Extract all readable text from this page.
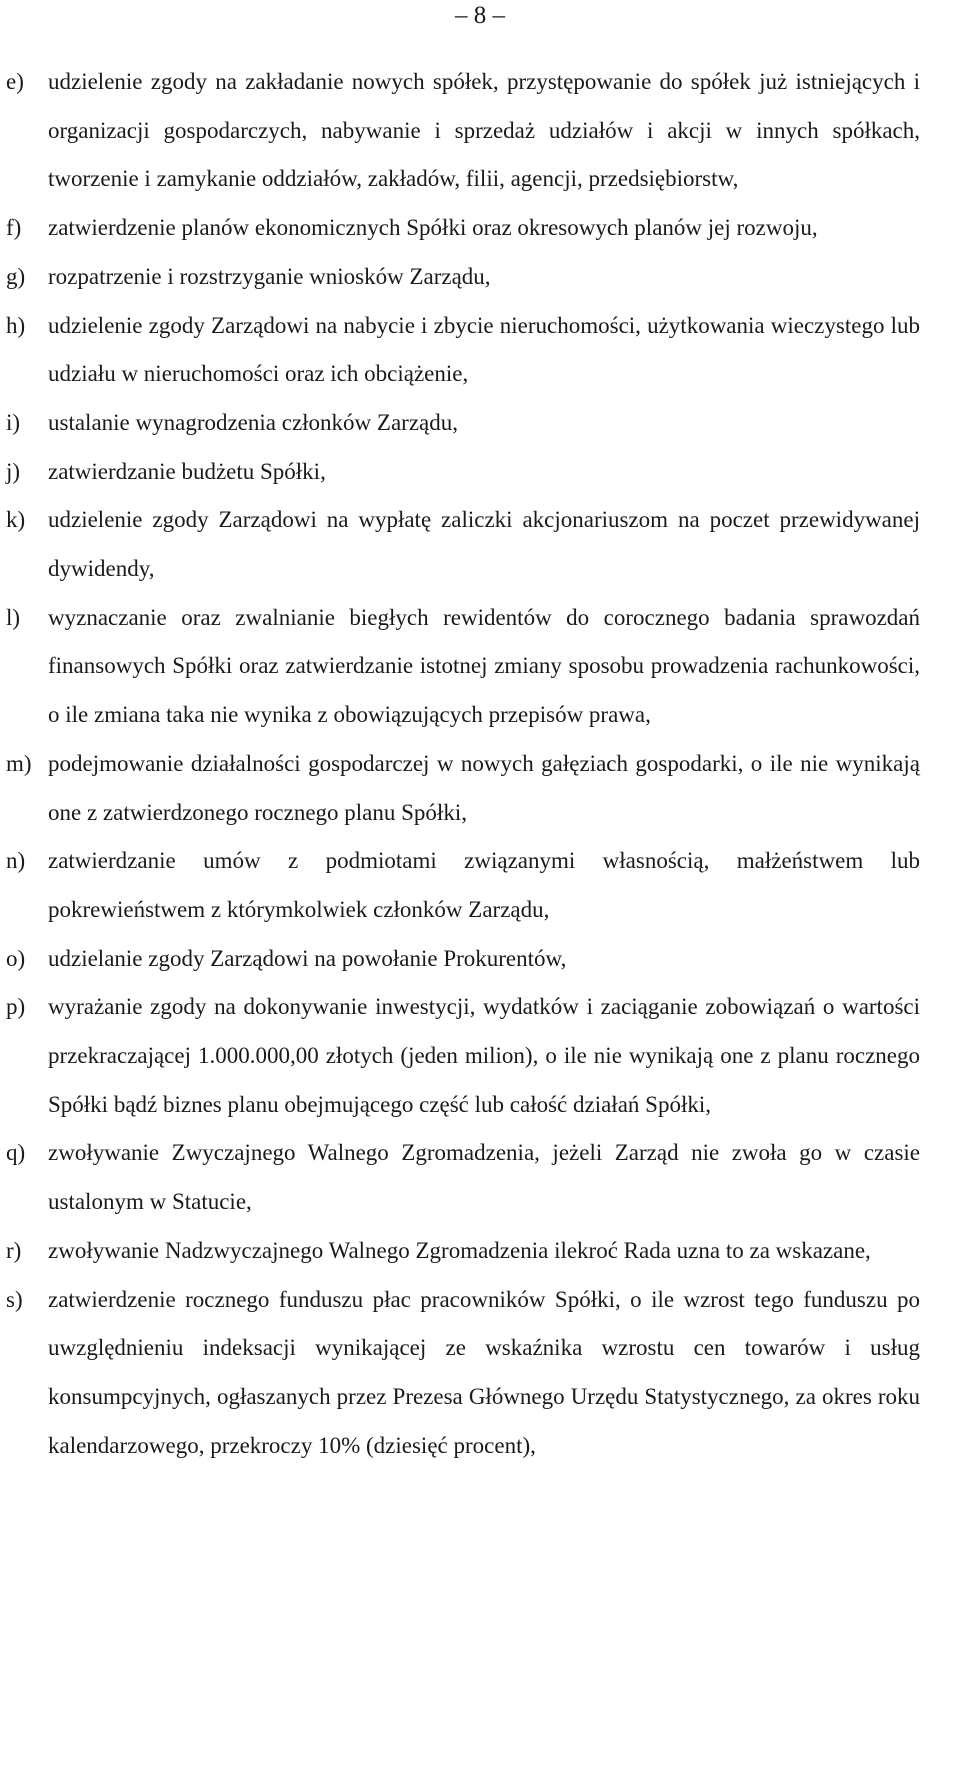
– 8 –
e) udzielenie zgody na zakładanie nowych spółek, przystępowanie do spółek już istniejących i organizacji gospodarczych, nabywanie i sprzedaż udziałów i akcji w innych spółkach, tworzenie i zamykanie oddziałów, zakładów, filii, agencji, przedsiębiorstw,

f) zatwierdzenie planów ekonomicznych Spółki oraz okresowych planów jej rozwoju,

g) rozpatrzenie i rozstrzyganie wniosków Zarządu,

h) udzielenie zgody Zarządowi na nabycie i zbycie nieruchomości, użytkowania wieczystego lub udziału w nieruchomości oraz ich obciążenie,

i) ustalanie wynagrodzenia członków Zarządu,

j) zatwierdzanie budżetu Spółki,

k) udzielenie zgody Zarządowi na wypłatę zaliczki akcjonariuszom na poczet przewidywanej dywidendy,

l) wyznaczanie oraz zwalnianie biegłych rewidentów do corocznego badania sprawozdań finansowych Spółki oraz zatwierdzanie istotnej zmiany sposobu prowadzenia rachunkowości, o ile zmiana taka nie wynika z obowiązujących przepisów prawa,

m) podejmowanie działalności gospodarczej w nowych gałęziach gospodarki, o ile nie wynikają one z zatwierdzonego rocznego planu Spółki,

n) zatwierdzanie umów z podmiotami związanymi własnością, małżeństwem lub pokrewieństwem z którymkolwiek członków Zarządu,

o) udzielanie zgody Zarządowi na powołanie Prokurentów,

p) wyrażanie zgody na dokonywanie inwestycji, wydatków i zaciąganie zobowiązań o wartości przekraczającej 1.000.000,00 złotych (jeden milion), o ile nie wynikają one z planu rocznego Spółki bądź biznes planu obejmującego część lub całość działań Spółki,

q) zwoływanie Zwyczajnego Walnego Zgromadzenia, jeżeli Zarząd nie zwoła go w czasie ustalonym w Statucie,

r) zwoływanie Nadzwyczajnego Walnego Zgromadzenia ilekroć Rada uzna to za wskazane,

s) zatwierdzenie rocznego funduszu płac pracowników Spółki, o ile wzrost tego funduszu po uwzględnieniu indeksacji wynikającej ze wskaźnika wzrostu cen towarów i usług konsumpcyjnych, ogłaszanych przez Prezesa Głównego Urzędu Statystycznego, za okres roku kalendarzowego, przekroczy 10% (dziesięć procent),
